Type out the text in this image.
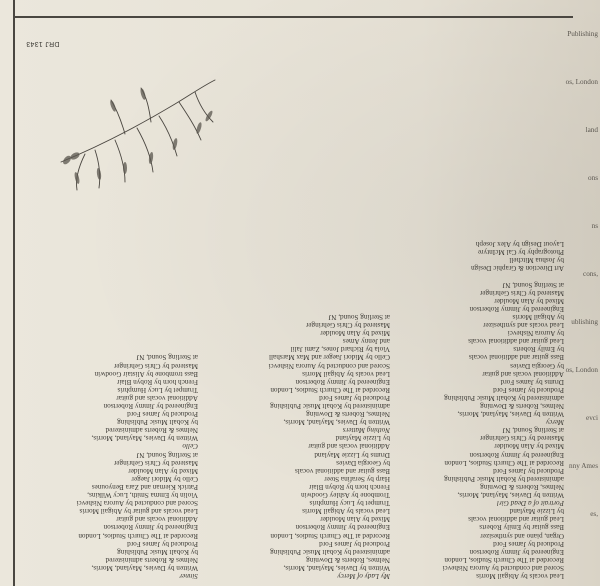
DRJ 1343
Lead vocals by Abigail Morris
Scored and conducted by Aurora Nishevci
Recorded at The Church Studios, London
Engineered by Jimmy Robertson
Produced by James Ford
Organ, piano and synthesizer
Bass guitar by Emily Roberts
Lead guitar and additional vocals
by Lizzie Mayland
Portrait of a Dead Girl
Written by Davies, Mayland, Morris,
Nelmes, Roberts & Downing
administered by Kobalt Music Publishing
Produced by James Ford
Recorded at The Church Studios, London
Engineered by Jimmy Robertson
Mixed by Alan Moulder
Mastered by Chris Gehringer
at Sterling Sound, NJ
Mercy
Written by Davies, Mayland, Morris,
Nelmes, Roberts & Downing
administered by Kobalt Music Publishing
Produced by James Ford
Drums by James Ford
Additional vocals and guitar
by Georgia Davies
Bass guitar and additional vocals
by Emily Roberts
Lead guitar and additional vocals
by Aurora Nishevci
Lead vocals and synthesizer
by Abigail Morris
Engineered by Jimmy Robertson
Mixed by Alan Moulder
Mastered by Chris Gehringer
at Sterling Sound, NJ

Art Direction & Graphic Design
by Joshua Mitchell
Photography by Cal McIntyre
Layout Design by Alex Joseph
My Lady of Mercy
Written by Davies, Mayland, Morris,
Nelmes, Roberts & Downing
administered by Kobalt Music Publishing
Produced by James Ford
Recorded at The Church Studios, London
Engineered by Jimmy Robertson
Mixed by Alan Moulder
Lead vocals by Abigail Morris
Trumpet by Lucy Humphris
Trombone by Ashley Goodwin
French horn by Robyn Blair
Harp by Serafina Steer
Bass guitar and additional vocals
by Georgia Davies
Drums by Lizzie Mayland
Additional vocals and guitar
by Lizzie Mayland
Nothing Matters
Written by Davies, Mayland, Morris,
Nelmes, Roberts & Downing
administered by Kobalt Music Publishing
Produced by James Ford
Recorded at The Church Studios, London
Engineered by Jimmy Robertson
Lead vocals by Abigail Morris
Scored and conducted by Aurora Nishevci
Cello by Midori Jaeger and Max Marshall
Viola by Richard Jones, Zami Jalil
and Jenny Ames
Mixed by Alan Moulder
Mastered by Chris Gehringer
at Sterling Sound, NJ
Sinner
Written by Davies, Mayland, Morris,
Nelmes & Roberts administered
by Kobalt Music Publishing
Produced by James Ford
Recorded at The Church Studios, London
Engineered by Jimmy Robertson
Additional vocals and guitar
Lead vocals and guitar by Abigail Morris
Scored and conducted by Aurora Nishevci
Violin by Emma Smith, Lucy Wilkins,
Patrick Kiernan and Zara Benyounes
Cello by Midori Jaeger
Mixed by Alan Moulder
Mastered by Chris Gehringer
at Sterling Sound, NJ
Cello
Written by Davies, Mayland, Morris,
Nelmes & Roberts administered
by Kobalt Music Publishing
Produced by James Ford
Engineered by Jimmy Robertson
Additional vocals and guitar
Trumpet by Lucy Humphris
French horn by Robyn Blair
Bass trombone by Alistair Goodwin
Mastered by Chris Gehringer
at Sterling Sound, NJ
Publishing
os, London
land
ons
ns
cons,
ublishing
os, London
evci
nny Ames
es,
